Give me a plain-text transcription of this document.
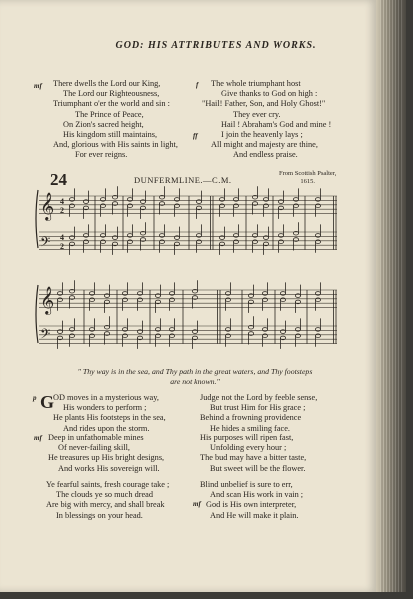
GOD: HIS ATTRIBUTES AND WORKS.
mf There dwells the Lord our King,
The Lord our Righteousness,
Triumphant o'er the world and sin :
The Prince of Peace,
On Zion's sacred height,
His kingdom still maintains,
And, glorious with His saints in light,
For ever reigns.
f
ff
The whole triumphant host
Give thanks to God on high :
"Hail! Father, Son, and Holy Ghost!"
They ever cry.
Hail ! Abraham's God and mine !
I join the heavenly lays ;
All might and majesty are thine,
And endless praise.
24	DUNFERMLINE.—C.M.
From Scottish Psalter,
1615.
𝄞
𝄞
𝄢
𝄢
4
2
4
2
" Thy way is in the sea, and Thy path in the great waters, and Thy footsteps
are not known."
p G
OD moves in a mysterious way,
His wonders to perform ;
He plants His footsteps in the sea,
And rides upon the storm.
mf Deep in unfathomable mines
Of never-failing skill,
He treasures up His bright designs,
And works His sovereign will.
Ye fearful saints, fresh courage take ;
The clouds ye so much dread
Are big with mercy, and shall break
In blessings on your head.
Judge not the Lord by feeble sense,
But trust Him for His grace ;
Behind a frowning providence
He hides a smiling face.
His purposes will ripen fast,
Unfolding every hour ;
The bud may have a bitter taste,
But sweet will be the flower.
mf
Blind unbelief is sure to err,
And scan His work in vain ;
God is His own interpreter,
And He will make it plain.
